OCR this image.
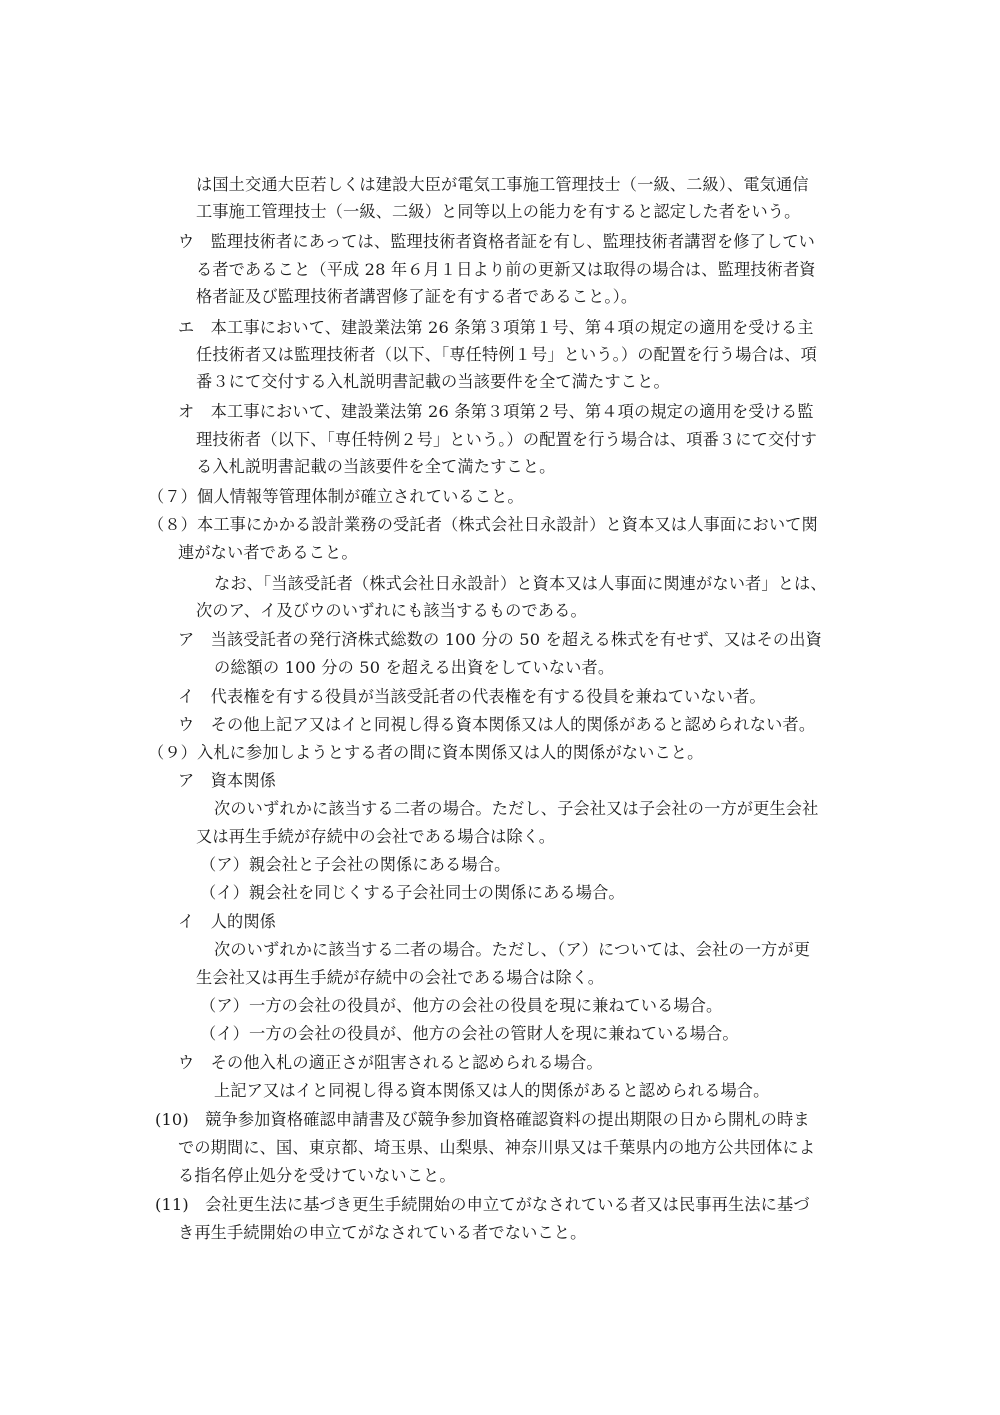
は国土交通大臣若しくは建設大臣が電気工事施工管理技士（一級、二級）、電気通信
工事施工管理技士（一級、二級）と同等以上の能力を有すると認定した者をいう。
ウ　監理技術者にあっては、監理技術者資格者証を有し、監理技術者講習を修了してい
る者であること（平成 28 年６月１日より前の更新又は取得の場合は、監理技術者資
格者証及び監理技術者講習修了証を有する者であること。）。
エ　本工事において、建設業法第 26 条第３項第１号、第４項の規定の適用を受ける主
任技術者又は監理技術者（以下、「専任特例１号」という。）の配置を行う場合は、項
番３にて交付する入札説明書記載の当該要件を全て満たすこと。
オ　本工事において、建設業法第 26 条第３項第２号、第４項の規定の適用を受ける監
理技術者（以下、「専任特例２号」という。）の配置を行う場合は、項番３にて交付す
る入札説明書記載の当該要件を全て満たすこと。
（７）個人情報等管理体制が確立されていること。
（８）本工事にかかる設計業務の受託者（株式会社日永設計）と資本又は人事面において関
連がない者であること。
なお、「当該受託者（株式会社日永設計）と資本又は人事面に関連がない者」とは、
次のア、イ及びウのいずれにも該当するものである。
ア　当該受託者の発行済株式総数の 100 分の 50 を超える株式を有せず、又はその出資
の総額の 100 分の 50 を超える出資をしていない者。
イ　代表権を有する役員が当該受託者の代表権を有する役員を兼ねていない者。
ウ　その他上記ア又はイと同視し得る資本関係又は人的関係があると認められない者。
（９）入札に参加しようとする者の間に資本関係又は人的関係がないこと。
ア　資本関係
次のいずれかに該当する二者の場合。ただし、子会社又は子会社の一方が更生会社
又は再生手続が存続中の会社である場合は除く。
（ア）親会社と子会社の関係にある場合。
（イ）親会社を同じくする子会社同士の関係にある場合。
イ　人的関係
次のいずれかに該当する二者の場合。ただし、（ア）については、会社の一方が更
生会社又は再生手続が存続中の会社である場合は除く。
（ア）一方の会社の役員が、他方の会社の役員を現に兼ねている場合。
（イ）一方の会社の役員が、他方の会社の管財人を現に兼ねている場合。
ウ　その他入札の適正さが阻害されると認められる場合。
上記ア又はイと同視し得る資本関係又は人的関係があると認められる場合。
(10)　競争参加資格確認申請書及び競争参加資格確認資料の提出期限の日から開札の時ま
での期間に、国、東京都、埼玉県、山梨県、神奈川県又は千葉県内の地方公共団体によ
る指名停止処分を受けていないこと。
(11)　会社更生法に基づき更生手続開始の申立てがなされている者又は民事再生法に基づ
き再生手続開始の申立てがなされている者でないこと。
